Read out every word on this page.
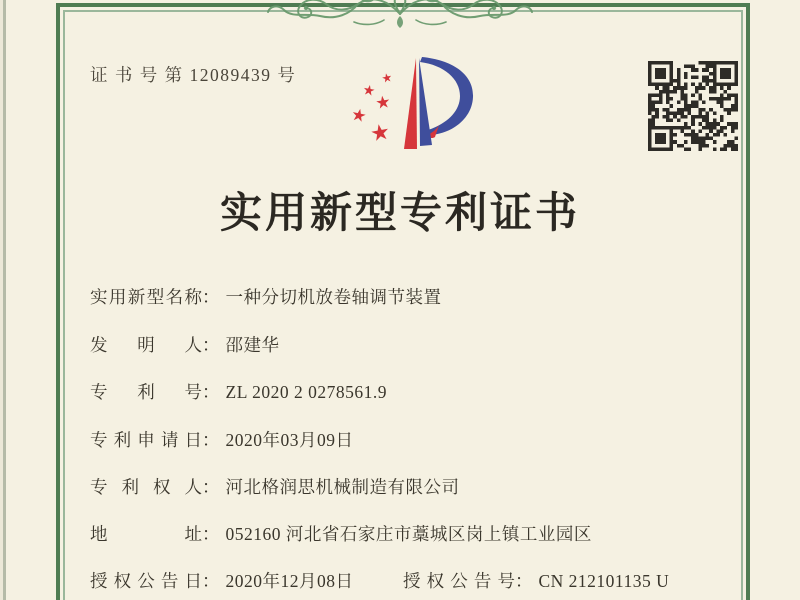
证 书 号 第 12089439 号	★
★
★
★
★
实用新型专利证书
实用新型名称： 一种分切机放卷轴调节装置
发明人： 邵建华
专利号： ZL 2020 2 0278561.9
专利申请日： 2020年03月09日
专利权人： 河北格润思机械制造有限公司
地址： 052160 河北省石家庄市藁城区岗上镇工业园区
授权公告日： 2020年12月08日	授权公告号： CN 212101135 U
